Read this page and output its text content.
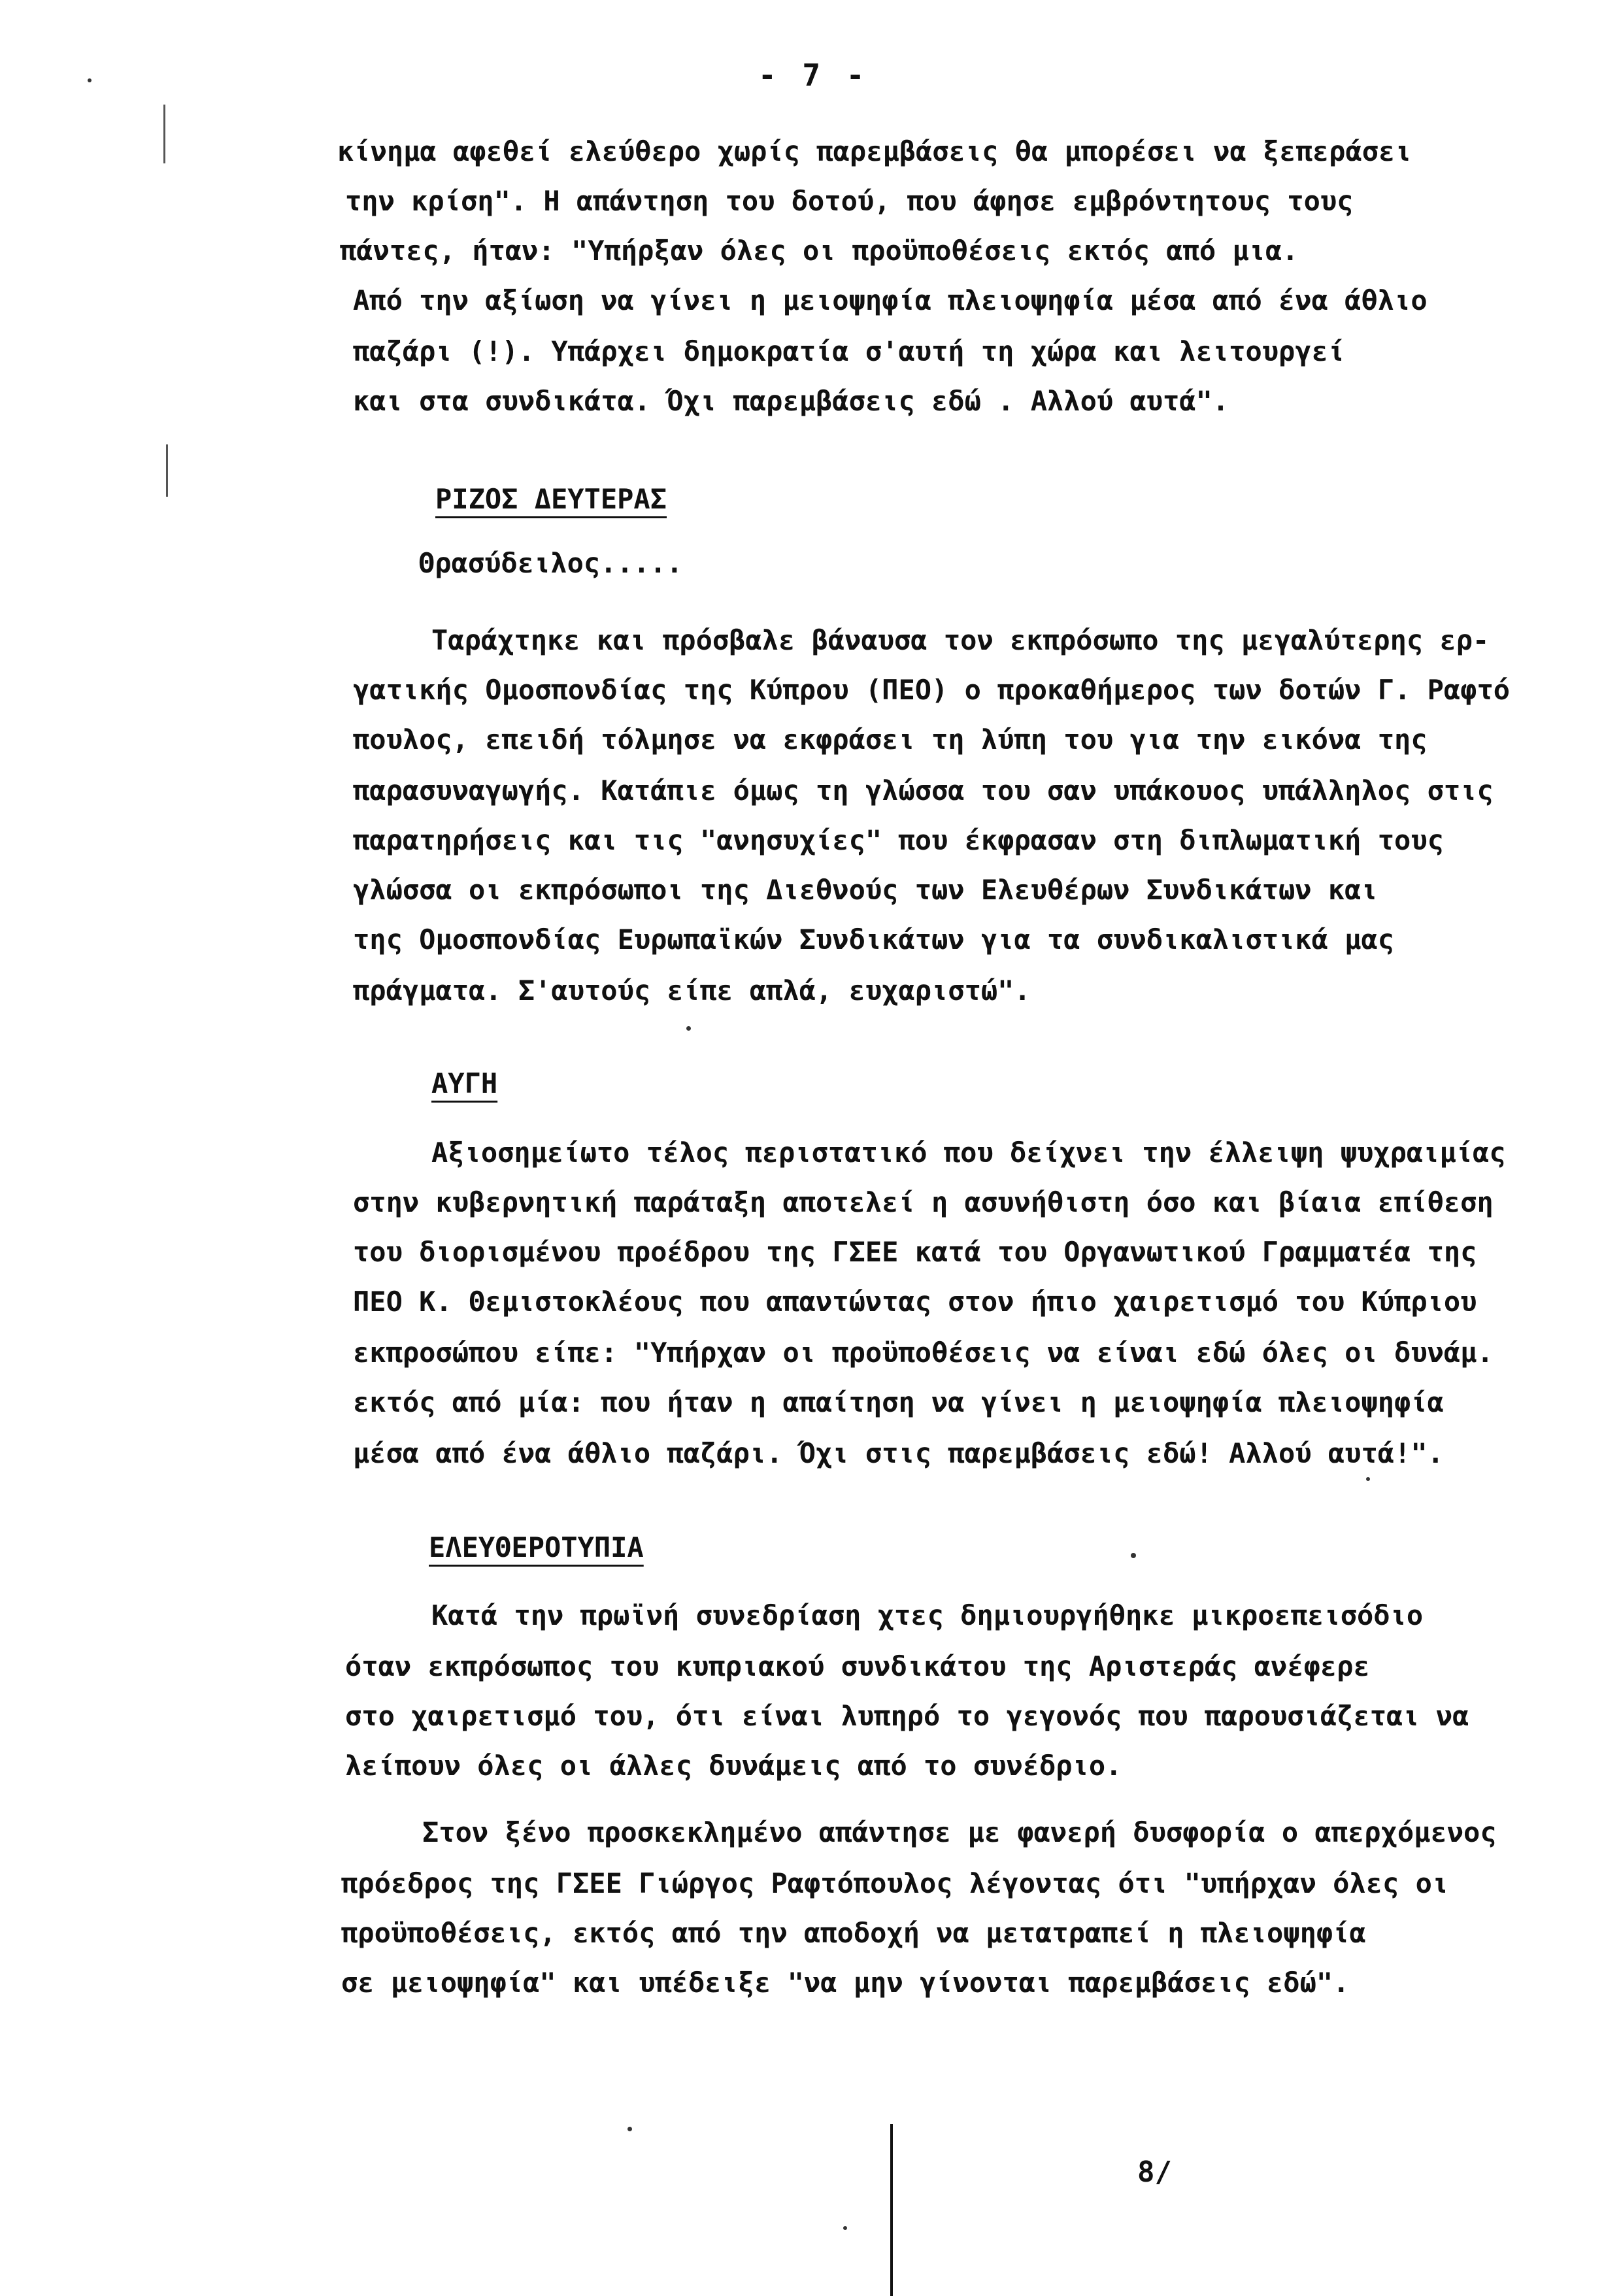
- 7 -
κίνημα αφεθεί ελεύθερο χωρίς παρεμβάσεις θα μπορέσει να ξεπεράσει
την κρίση". Η απάντηση του δοτού, που άφησε εμβρόντητους τους
πάντες, ήταν: "Υπήρξαν όλες οι προϋποθέσεις εκτός από μια.
Από την αξίωση να γίνει η μειοψηφία πλειοψηφία μέσα από ένα άθλιο
παζάρι (!). Υπάρχει δημοκρατία σ'αυτή τη χώρα και λειτουργεί
και στα συνδικάτα. Όχι παρεμβάσεις εδώ . Αλλού αυτά".
ΡΙΖΟΣ ΔΕΥΤΕΡΑΣ
Θρασύδειλος.....
Ταράχτηκε και πρόσβαλε βάναυσα τον εκπρόσωπο της μεγαλύτερης ερ-
γατικής Ομοσπονδίας της Κύπρου (ΠΕΟ) ο προκαθήμερος των δοτών Γ. Ραφτό
πουλος, επειδή τόλμησε να εκφράσει τη λύπη του για την εικόνα της
παρασυναγωγής. Κατάπιε όμως τη γλώσσα του σαν υπάκουος υπάλληλος στις
παρατηρήσεις και τις "ανησυχίες" που έκφρασαν στη διπλωματική τους
γλώσσα οι εκπρόσωποι της Διεθνούς των Ελευθέρων Συνδικάτων και
της Ομοσπονδίας Ευρωπαϊκών Συνδικάτων για τα συνδικαλιστικά μας
πράγματα. Σ'αυτούς είπε απλά, ευχαριστώ".
ΑΥΓΗ
Αξιοσημείωτο τέλος περιστατικό που δείχνει την έλλειψη ψυχραιμίας
στην κυβερνητική παράταξη αποτελεί η ασυνήθιστη όσο και βίαια επίθεση
του διορισμένου προέδρου της ΓΣΕΕ κατά του Οργανωτικού Γραμματέα της
ΠΕΟ Κ. Θεμιστοκλέους που απαντώντας στον ήπιο χαιρετισμό του Κύπριου
εκπροσώπου είπε: "Υπήρχαν οι προϋποθέσεις να είναι εδώ όλες οι δυνάμ.
εκτός από μία: που ήταν η απαίτηση να γίνει η μειοψηφία πλειοψηφία
μέσα από ένα άθλιο παζάρι. Όχι στις παρεμβάσεις εδώ! Αλλού αυτά!".
ΕΛΕΥΘΕΡΟΤΥΠΙΑ
Κατά την πρωϊνή συνεδρίαση χτες δημιουργήθηκε μικροεπεισόδιο
όταν εκπρόσωπος του κυπριακού συνδικάτου της Αριστεράς ανέφερε
στο χαιρετισμό του, ότι είναι λυπηρό το γεγονός που παρουσιάζεται να
λείπουν όλες οι άλλες δυνάμεις από το συνέδριο.
Στον ξένο προσκεκλημένο απάντησε με φανερή δυσφορία ο απερχόμενος
πρόεδρος της ΓΣΕΕ Γιώργος Ραφτόπουλος λέγοντας ότι "υπήρχαν όλες οι
προϋποθέσεις, εκτός από την αποδοχή να μετατραπεί η πλειοψηφία
σε μειοψηφία" και υπέδειξε "να μην γίνονται παρεμβάσεις εδώ".
8/
